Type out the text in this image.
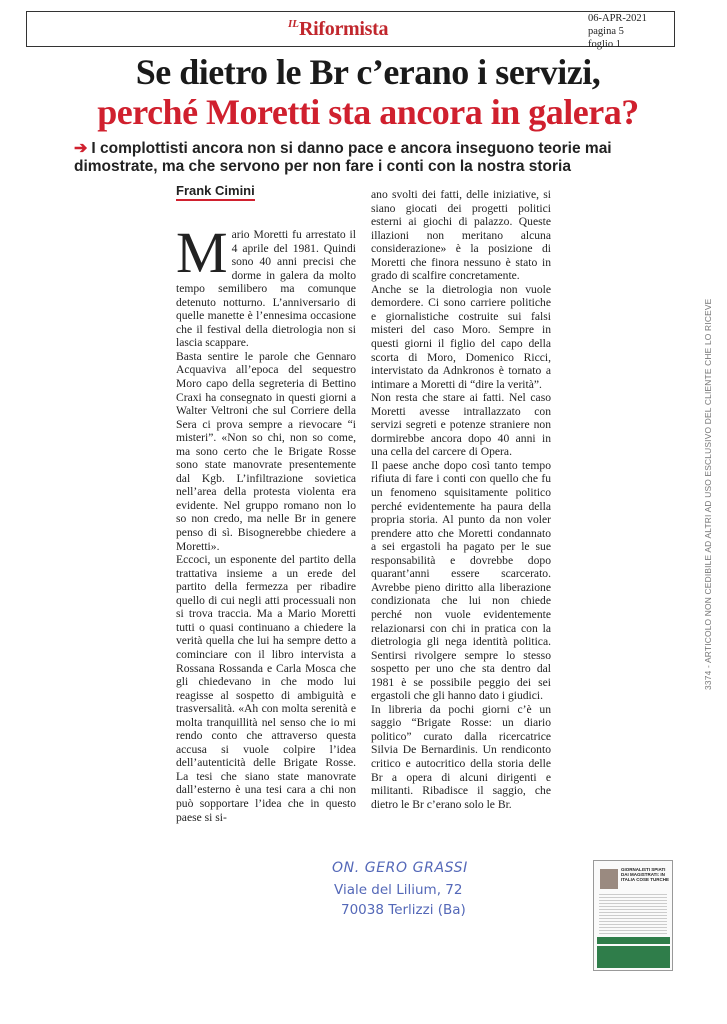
$^{IL}$Riformista	06-APR-2021
pagina 5
foglio 1
Se dietro le Br c’erano i servizi,
perché Moretti sta ancora in galera?
➔ I complottisti ancora non si danno pace e ancora inseguono teorie mai dimostrate, ma che servono per non fare i conti con la nostra storia
Frank Cimini

Mario Moretti fu arrestato il 4 aprile del 1981. Quindi sono 40 anni precisi che dorme in galera da molto tempo semilibero ma comunque detenuto notturno. L’anniversario di quelle manette è l’ennesima occasione che il festival della dietrologia non si lascia scappare.

Basta sentire le parole che Gennaro Acquaviva all’epoca del sequestro Moro capo della segreteria di Bettino Craxi ha consegnato in questi giorni a Walter Veltroni che sul Corriere della Sera ci prova sempre a rievocare “i misteri”. «Non so chi, non so come, ma sono certo che le Brigate Rosse sono state manovrate presentemente dal Kgb. L’infiltrazione sovietica nell’area della protesta violenta era evidente. Nel gruppo romano non lo so non credo, ma nelle Br in genere penso di sì. Bisognerebbe chiedere a Moretti».

Eccoci, un esponente del partito della trattativa insieme a un erede del partito della fermezza per ribadire quello di cui negli atti processuali non si trova traccia. Ma a Mario Moretti tutti o quasi continuano a chiedere la verità quella che lui ha sempre detto a cominciare con il libro intervista a Rossana Rossanda e Carla Mosca che gli chiedevano in che modo lui reagisse al sospetto di ambiguità e trasversalità. «Ah con molta serenità e molta tranquillità nel senso che io mi rendo conto che attraverso questa accusa si vuole colpire l’idea dell’autenticità delle Brigate Rosse. La tesi che siano state manovrate dall’esterno è una tesi cara a chi non può sopportare l’idea che in questo paese si si-

ano svolti dei fatti, delle iniziative, si siano giocati dei progetti politici esterni ai giochi di palazzo. Queste illazioni non meritano alcuna considerazione» è la posizione di Moretti che finora nessuno è stato in grado di scalfire concretamente.

Anche se la dietrologia non vuole demordere. Ci sono carriere politiche e giornalistiche costruite sui falsi misteri del caso Moro. Sempre in questi giorni il figlio del capo della scorta di Moro, Domenico Ricci, intervistato da Adnkronos è tornato a intimare a Moretti di “dire la verità”.

Non resta che stare ai fatti. Nel caso Moretti avesse intrallazzato con servizi segreti e potenze straniere non dormirebbe ancora dopo 40 anni in una cella del carcere di Opera.

Il paese anche dopo così tanto tempo rifiuta di fare i conti con quello che fu un fenomeno squisitamente politico perché evidentemente ha paura della propria storia. Al punto da non voler prendere atto che Moretti condannato a sei ergastoli ha pagato per le sue responsabilità e dovrebbe dopo quarant’anni essere scarcerato. Avrebbe pieno diritto alla liberazione condizionata che lui non chiede perché non vuole evidentemente relazionarsi con chi in pratica con la dietrologia gli nega identità politica. Sentirsi rivolgere sempre lo stesso sospetto per uno che sta dentro dal 1981 è se possibile peggio dei sei ergastoli che gli hanno dato i giudici.

In libreria da pochi giorni c’è un saggio “Brigate Rosse: un diario politico” curato dalla ricercatrice Silvia De Bernardinis. Un rendiconto critico e autocritico della storia delle Br a opera di alcuni dirigenti e militanti. Ribadisce il saggio, che dietro le Br c’erano solo le Br.

3374 - ARTICOLO NON CEDIBILE AD ALTRI AD USO ESCLUSIVO DEL CLIENTE CHE LO RICEVE
ON. GERO GRASSI
Viale del Lilium, 72
70038 Terlizzi (Ba)
GIORNALISTI SPIATI DAI MAGISTRATI: IN ITALIA COSE TURCHE
